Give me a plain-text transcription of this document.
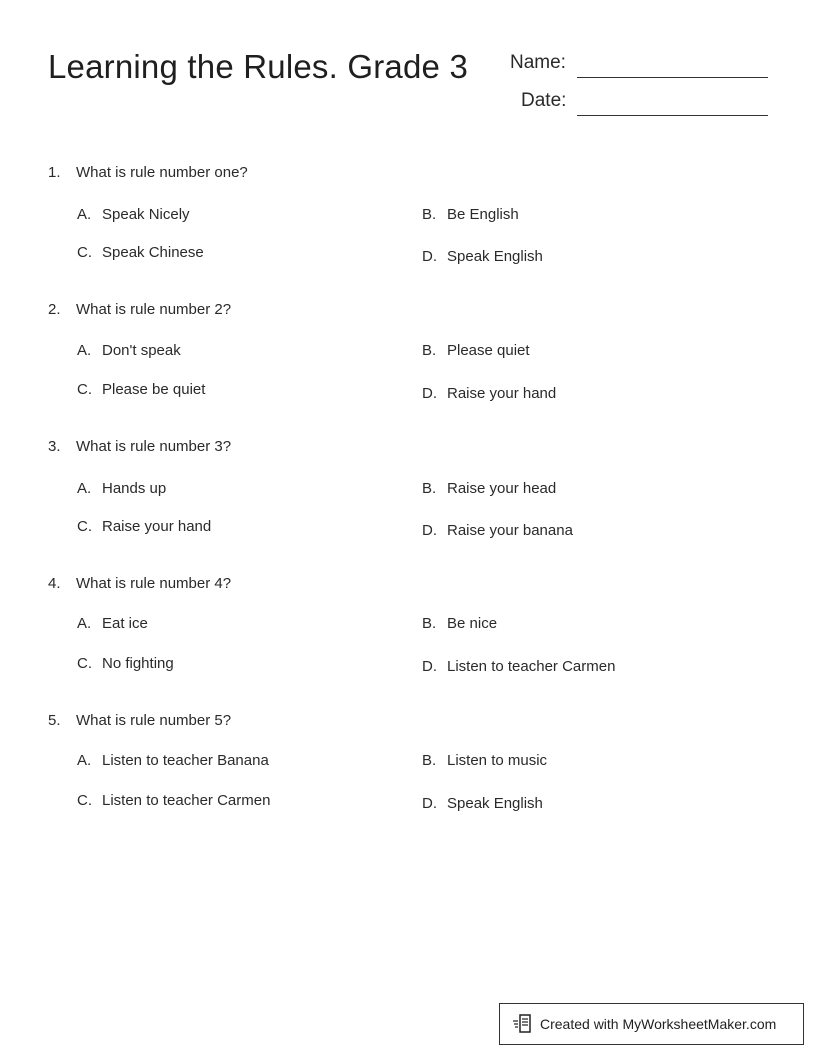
Learning the Rules. Grade 3 Name:
Date:
1.	What is rule number one?
A. Speak Nicely	B. Be English
C. Speak Chinese	D. Speak English
2.	What is rule number 2?
A. Don't speak	B. Please quiet
C. Please be quiet	D. Raise your hand
3.	What is rule number 3?
A. Hands up	B. Raise your head
C. Raise your hand	D. Raise your banana
4.	What is rule number 4?
A. Eat ice	B. Be nice
C. No fighting	D. Listen to teacher Carmen
5.	What is rule number 5?
A. Listen to teacher Banana	B. Listen to music
C. Listen to teacher Carmen	D. Speak English
Created with MyWorksheetMaker.com
